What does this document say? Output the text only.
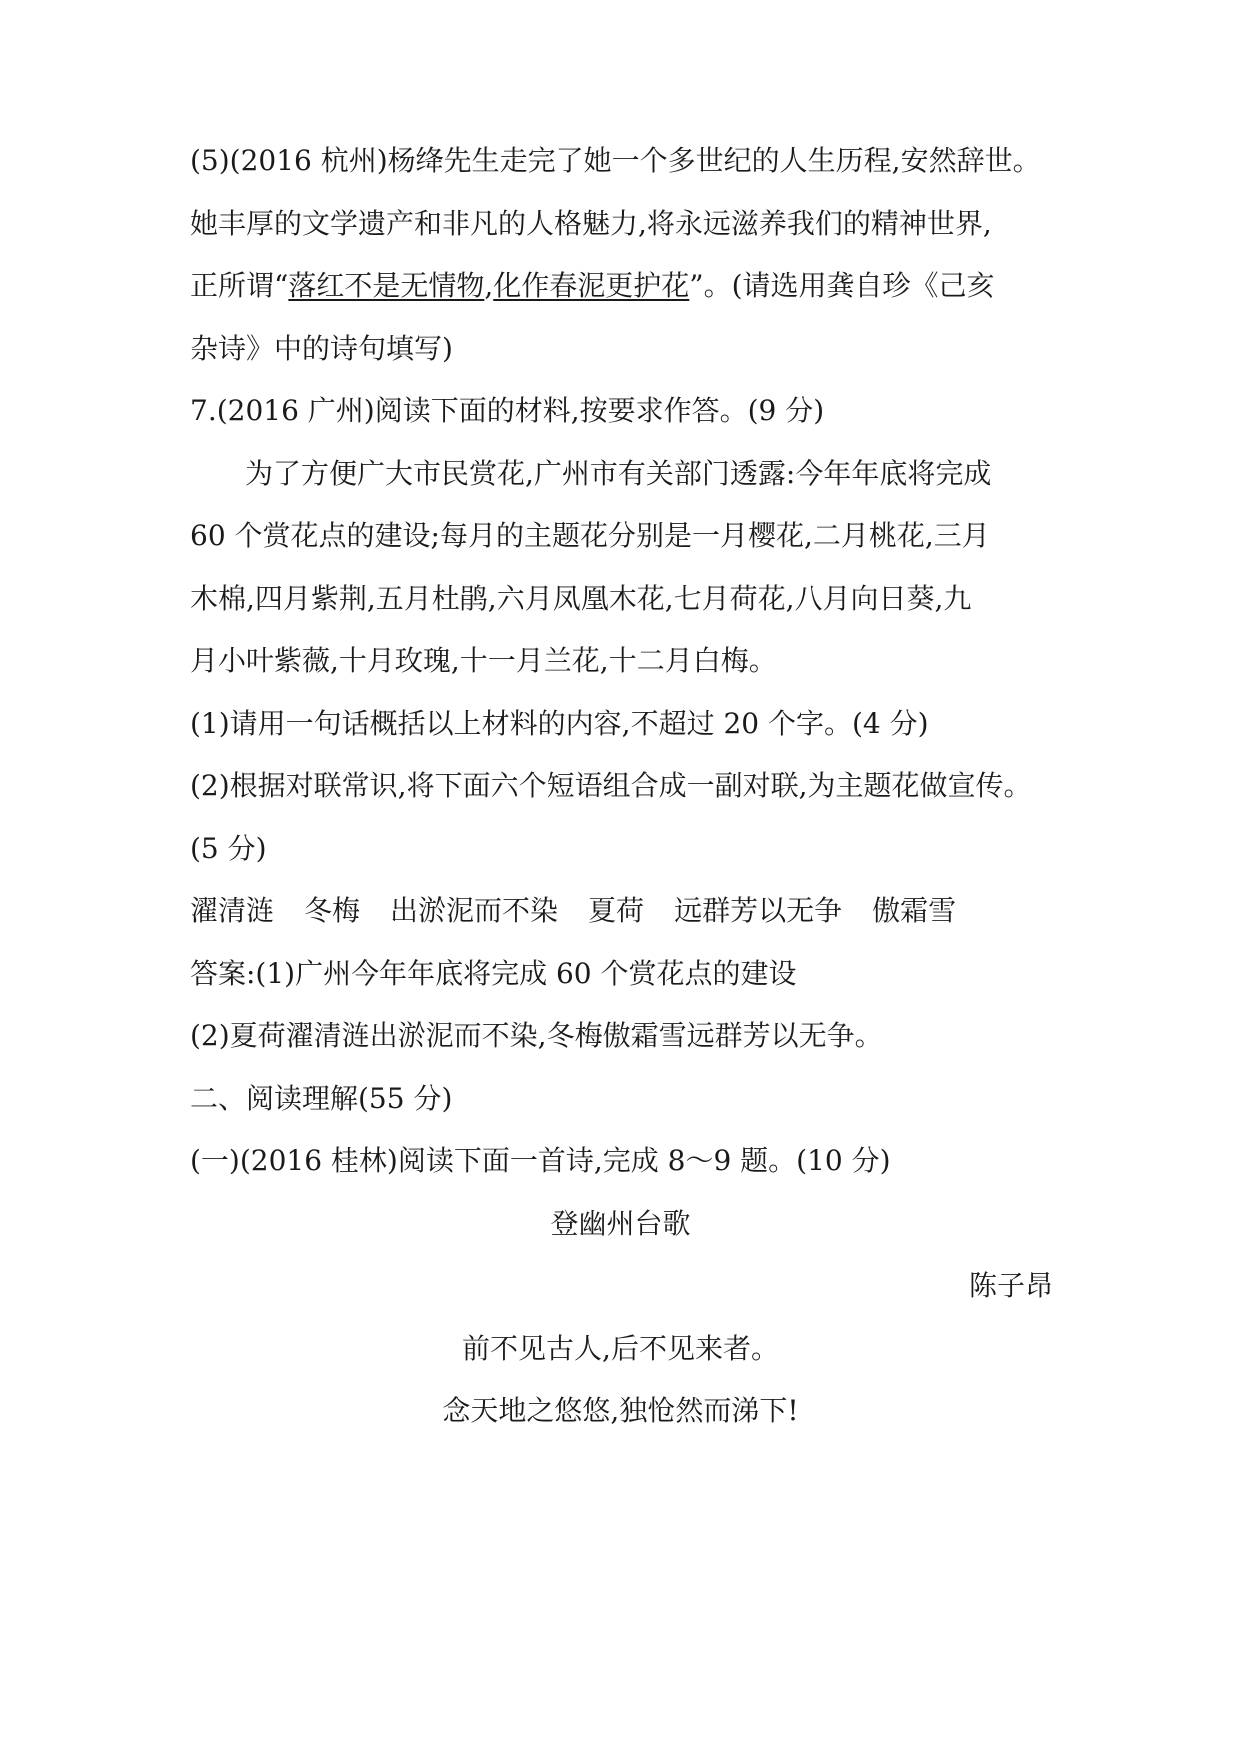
(5)(2016 杭州)杨绛先生走完了她一个多世纪的人生历程,安然辞世。
她丰厚的文学遗产和非凡的人格魅力,将永远滋养我们的精神世界,
正所谓“落红不是无情物,化作春泥更护花”。(请选用龚自珍《己亥
杂诗》中的诗句填写)
7.(2016 广州)阅读下面的材料,按要求作答。(9 分)
为了方便广大市民赏花,广州市有关部门透露:今年年底将完成
60 个赏花点的建设;每月的主题花分别是一月樱花,二月桃花,三月
木棉,四月紫荆,五月杜鹃,六月凤凰木花,七月荷花,八月向日葵,九
月小叶紫薇,十月玫瑰,十一月兰花,十二月白梅。
(1)请用一句话概括以上材料的内容,不超过 20 个字。(4 分)
(2)根据对联常识,将下面六个短语组合成一副对联,为主题花做宣传。
(5 分)
濯清涟 冬梅 出淤泥而不染 夏荷 远群芳以无争 傲霜雪
答案:(1)广州今年年底将完成 60 个赏花点的建设
(2)夏荷濯清涟出淤泥而不染,冬梅傲霜雪远群芳以无争。
二、阅读理解(55 分)
(一)(2016 桂林)阅读下面一首诗,完成 8～9 题。(10 分)
登幽州台歌
陈子昂
前不见古人,后不见来者。
念天地之悠悠,独怆然而涕下!
